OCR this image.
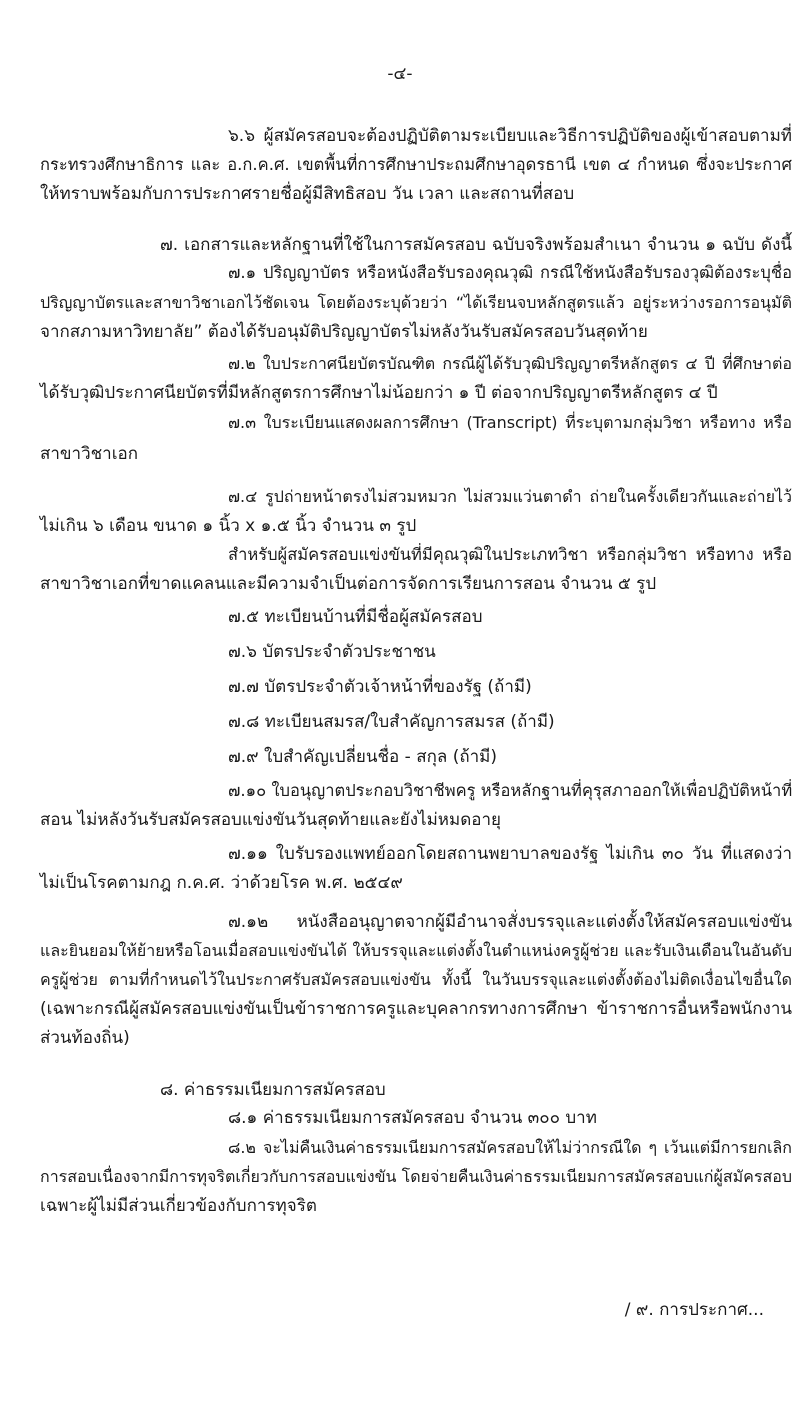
-๔-
๖.๖ ผู้สมัครสอบจะต้องปฏิบัติตามระเบียบและวิธีการปฏิบัติของผู้เข้าสอบตามที่
กระทรวงศึกษาธิการ และ อ.ก.ค.ศ. เขตพื้นที่การศึกษาประถมศึกษาอุดรธานี เขต ๔ กำหนด ซึ่งจะประกาศ
ให้ทราบพร้อมกับการประกาศรายชื่อผู้มีสิทธิสอบ วัน เวลา และสถานที่สอบ
๗. เอกสารและหลักฐานที่ใช้ในการสมัครสอบ ฉบับจริงพร้อมสำเนา จำนวน ๑ ฉบับ ดังนี้
๗.๑ ปริญญาบัตร หรือหนังสือรับรองคุณวุฒิ กรณีใช้หนังสือรับรองวุฒิต้องระบุชื่อ
ปริญญาบัตรและสาขาวิชาเอกไว้ชัดเจน โดยต้องระบุด้วยว่า “ได้เรียนจบหลักสูตรแล้ว อยู่ระหว่างรอการอนุมัติ
จากสภามหาวิทยาลัย” ต้องได้รับอนุมัติปริญญาบัตรไม่หลังวันรับสมัครสอบวันสุดท้าย
๗.๒ ใบประกาศนียบัตรบัณฑิต กรณีผู้ได้รับวุฒิปริญญาตรีหลักสูตร ๔ ปี ที่ศึกษาต่อ
ได้รับวุฒิประกาศนียบัตรที่มีหลักสูตรการศึกษาไม่น้อยกว่า ๑ ปี ต่อจากปริญญาตรีหลักสูตร ๔ ปี
๗.๓ ใบระเบียนแสดงผลการศึกษา (Transcript) ที่ระบุตามกลุ่มวิชา หรือทาง หรือ
สาขาวิชาเอก
๗.๔ รูปถ่ายหน้าตรงไม่สวมหมวก ไม่สวมแว่นตาดำ ถ่ายในครั้งเดียวกันและถ่ายไว้
ไม่เกิน ๖ เดือน ขนาด ๑ นิ้ว x ๑.๕ นิ้ว จำนวน ๓ รูป
สำหรับผู้สมัครสอบแข่งขันที่มีคุณวุฒิในประเภทวิชา หรือกลุ่มวิชา หรือทาง หรือ
สาขาวิชาเอกที่ขาดแคลนและมีความจำเป็นต่อการจัดการเรียนการสอน จำนวน ๕ รูป
๗.๕ ทะเบียนบ้านที่มีชื่อผู้สมัครสอบ
๗.๖ บัตรประจำตัวประชาชน
๗.๗ บัตรประจำตัวเจ้าหน้าที่ของรัฐ (ถ้ามี)
๗.๘ ทะเบียนสมรส/ใบสำคัญการสมรส (ถ้ามี)
๗.๙ ใบสำคัญเปลี่ยนชื่อ - สกุล (ถ้ามี)
๗.๑๐ ใบอนุญาตประกอบวิชาชีพครู หรือหลักฐานที่คุรุสภาออกให้เพื่อปฏิบัติหน้าที่
สอน ไม่หลังวันรับสมัครสอบแข่งขันวันสุดท้ายและยังไม่หมดอายุ
๗.๑๑ ใบรับรองแพทย์ออกโดยสถานพยาบาลของรัฐ ไม่เกิน ๓๐ วัน ที่แสดงว่า
ไม่เป็นโรคตามกฎ ก.ค.ศ. ว่าด้วยโรค พ.ศ. ๒๕๔๙
๗.๑๒ หนังสืออนุญาตจากผู้มีอำนาจสั่งบรรจุและแต่งตั้งให้สมัครสอบแข่งขัน
และยินยอมให้ย้ายหรือโอนเมื่อสอบแข่งขันได้ ให้บรรจุและแต่งตั้งในตำแหน่งครูผู้ช่วย และรับเงินเดือนในอันดับ
ครูผู้ช่วย ตามที่กำหนดไว้ในประกาศรับสมัครสอบแข่งขัน ทั้งนี้ ในวันบรรจุและแต่งตั้งต้องไม่ติดเงื่อนไขอื่นใด
(เฉพาะกรณีผู้สมัครสอบแข่งขันเป็นข้าราชการครูและบุคลากรทางการศึกษา ข้าราชการอื่นหรือพนักงาน
ส่วนท้องถิ่น)
๘. ค่าธรรมเนียมการสมัครสอบ
๘.๑ ค่าธรรมเนียมการสมัครสอบ จำนวน ๓๐๐ บาท
๘.๒ จะไม่คืนเงินค่าธรรมเนียมการสมัครสอบให้ไม่ว่ากรณีใด ๆ เว้นแต่มีการยกเลิก
การสอบเนื่องจากมีการทุจริตเกี่ยวกับการสอบแข่งขัน โดยจ่ายคืนเงินค่าธรรมเนียมการสมัครสอบแก่ผู้สมัครสอบ
เฉพาะผู้ไม่มีส่วนเกี่ยวข้องกับการทุจริต
/ ๙. การประกาศ...
